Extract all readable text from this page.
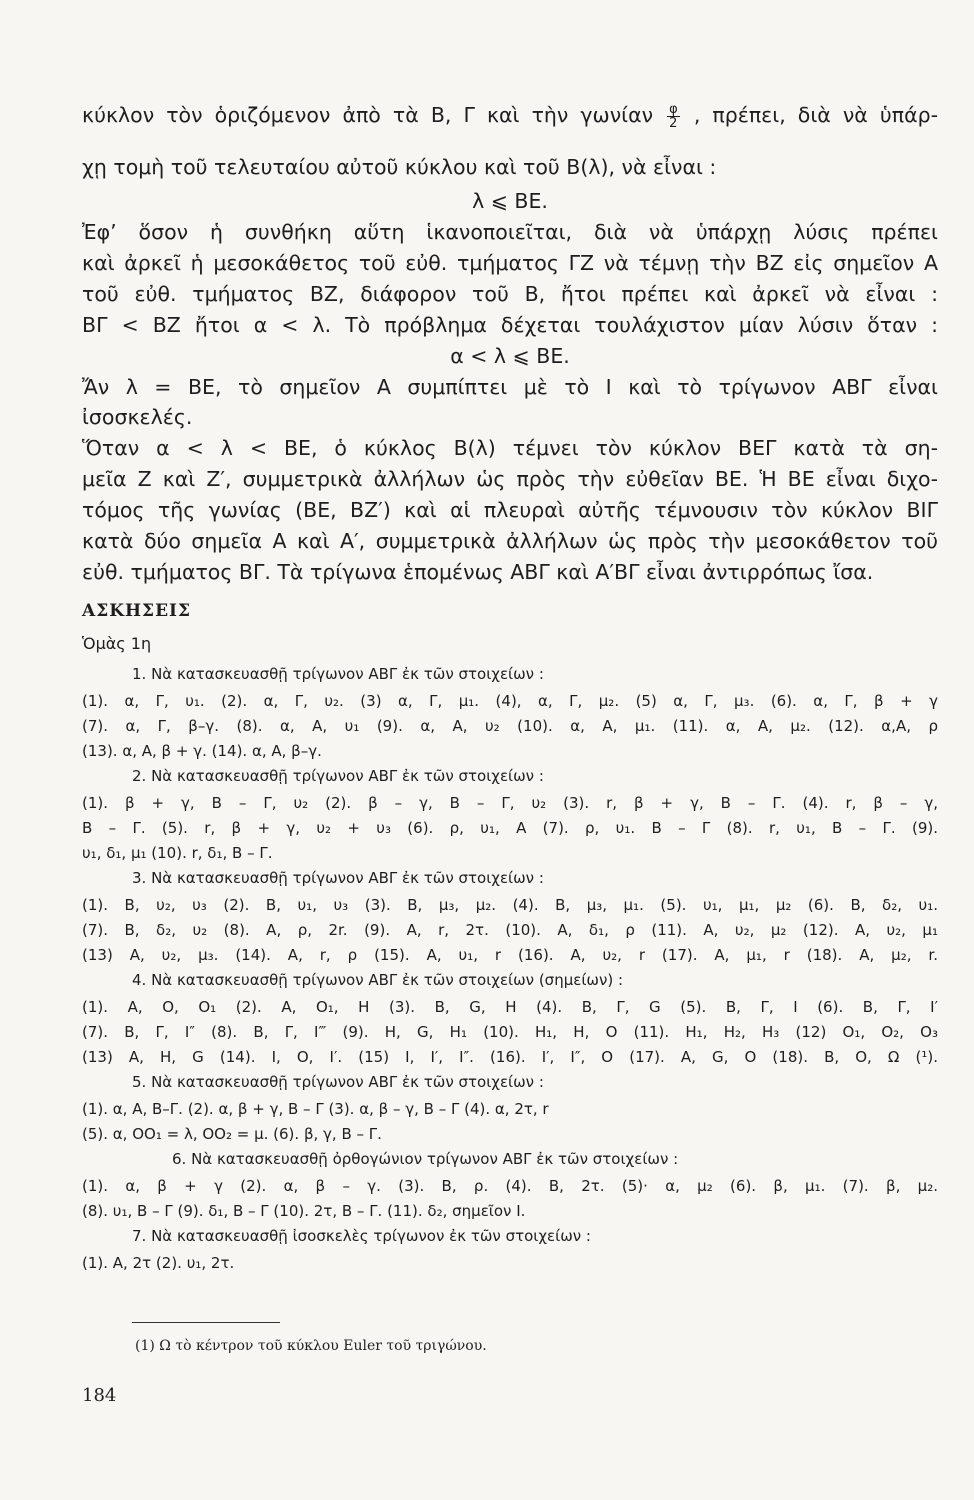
κύκλον τὸν ὁριζόμενον ἀπὸ τὰ Β, Γ καὶ τὴν γωνίαν $\frac{\varphi}{2}$ , πρέπει, διὰ νὰ ὑπάρ-
χῃ τομὴ τοῦ τελευταίου αὐτοῦ κύκλου καὶ τοῦ Β(λ), νὰ εἶναι :
λ ⩽ ΒΕ.
Ἐφ’ ὅσον ἡ συνθήκη αὕτη ἱκανοποιεῖται, διὰ νὰ ὑπάρχῃ λύσις πρέπει
καὶ ἀρκεῖ ἡ μεσοκάθετος τοῦ εὐθ. τμήματος ΓΖ νὰ τέμνῃ τὴν ΒΖ εἰς σημεῖον Α
τοῦ εὐθ. τμήματος ΒΖ, διάφορον τοῦ Β, ἤτοι πρέπει καὶ ἀρκεῖ νὰ εἶναι :
ΒΓ < ΒΖ ἤτοι α < λ. Τὸ πρόβλημα δέχεται τουλάχιστον μίαν λύσιν ὅταν :
α < λ ⩽ ΒΕ.
Ἄν λ = ΒΕ, τὸ σημεῖον Α συμπίπτει μὲ τὸ Ι καὶ τὸ τρίγωνον ΑΒΓ εἶναι
ἰσοσκελές.
Ὅταν α < λ < ΒΕ, ὁ κύκλος Β(λ) τέμνει τὸν κύκλον ΒΕΓ κατὰ τὰ ση-
μεῖα Ζ καὶ Ζ′, συμμετρικὰ ἀλλήλων ὡς πρὸς τὴν εὐθεῖαν ΒΕ. Ἡ ΒΕ εἶναι διχο-
τόμος τῆς γωνίας (ΒΕ, ΒΖ′) καὶ αἱ πλευραὶ αὐτῆς τέμνουσιν τὸν κύκλον ΒΙΓ
κατὰ δύο σημεῖα Α καὶ Α′, συμμετρικὰ ἀλλήλων ὡς πρὸς τὴν μεσοκάθετον τοῦ
εὐθ. τμήματος ΒΓ. Τὰ τρίγωνα ἑπομένως ΑΒΓ καὶ Α′ΒΓ εἶναι ἀντιρρόπως ἴσα.
ΑΣΚΗΣΕΙΣ
Ὁμὰς 1η
1. Νὰ κατασκευασθῇ τρίγωνον ΑΒΓ ἐκ τῶν στοιχείων :
(1). α, Γ, υ₁. (2). α, Γ, υ₂. (3) α, Γ, μ₁. (4), α, Γ, μ₂. (5) α, Γ, μ₃. (6). α, Γ, β + γ
(7). α, Γ, β–γ. (8). α, Α, υ₁ (9). α, Α, υ₂ (10). α, Α, μ₁. (11). α, Α, μ₂. (12). α,Α, ρ
(13). α, Α, β + γ. (14). α, Α, β–γ.
2. Νὰ κατασκευασθῇ τρίγωνον ΑΒΓ ἐκ τῶν στοιχείων :
(1). β + γ, Β – Γ, υ₂ (2). β – γ, Β – Γ, υ₂ (3). r, β + γ, Β – Γ. (4). r, β – γ,
Β – Γ. (5). r, β + γ, υ₂ + υ₃ (6). ρ, υ₁, Α (7). ρ, υ₁. Β – Γ (8). r, υ₁, Β – Γ. (9).
υ₁, δ₁, μ₁ (10). r, δ₁, Β – Γ.
3. Νὰ κατασκευασθῇ τρίγωνον ΑΒΓ ἐκ τῶν στοιχείων :
(1). Β, υ₂, υ₃ (2). Β, υ₁, υ₃ (3). Β, μ₃, μ₂. (4). Β, μ₃, μ₁. (5). υ₁, μ₁, μ₂ (6). Β, δ₂, υ₁.
(7). Β, δ₂, υ₂ (8). Α, ρ, 2r. (9). Α, r, 2τ. (10). Α, δ₁, ρ (11). Α, υ₂, μ₂ (12). Α, υ₂, μ₁
(13) Α, υ₂, μ₃. (14). Α, r, ρ (15). Α, υ₁, r (16). Α, υ₂, r (17). Α, μ₁, r (18). Α, μ₂, r.
4. Νὰ κατασκευασθῇ τρίγωνον ΑΒΓ ἐκ τῶν στοιχείων (σημείων) :
(1). Α, Ο, Ο₁ (2). Α, Ο₁, Η (3). Β, G, Η (4). Β, Γ, G (5). Β, Γ, Ι (6). Β, Γ, Ι′
(7). Β, Γ, Ι″ (8). Β, Γ, Ι‴ (9). Η, G, Η₁ (10). Η₁, Η, Ο (11). Η₁, Η₂, Η₃ (12) Ο₁, Ο₂, Ο₃
(13) Α, Η, G (14). Ι, Ο, Ι′. (15) Ι, Ι′, Ι″. (16). Ι′, Ι″, Ο (17). Α, G, Ο (18). Β, Ο, Ω (¹).
5. Νὰ κατασκευασθῇ τρίγωνον ΑΒΓ ἐκ τῶν στοιχείων :
(1). α, Α, Β–Γ. (2). α, β + γ, Β – Γ (3). α, β – γ, Β – Γ (4). α, 2τ, r
(5). α, ΟΟ₁ = λ, ΟΟ₂ = μ. (6). β, γ, Β – Γ.
6. Νὰ κατασκευασθῇ ὀρθογώνιον τρίγωνον ΑΒΓ ἐκ τῶν στοιχείων :
(1). α, β + γ (2). α, β – γ. (3). Β, ρ. (4). Β, 2τ. (5)· α, μ₂ (6). β, μ₁. (7). β, μ₂.
(8). υ₁, Β – Γ (9). δ₁, Β – Γ (10). 2τ, Β – Γ. (11). δ₂, σημεῖον Ι.
7. Νὰ κατασκευασθῇ ἰσοσκελὲς τρίγωνον ἐκ τῶν στοιχείων :
(1). Α, 2τ (2). υ₁, 2τ.
(1) Ω τὸ κέντρον τοῦ κύκλου Euler τοῦ τριγώνου.
184
